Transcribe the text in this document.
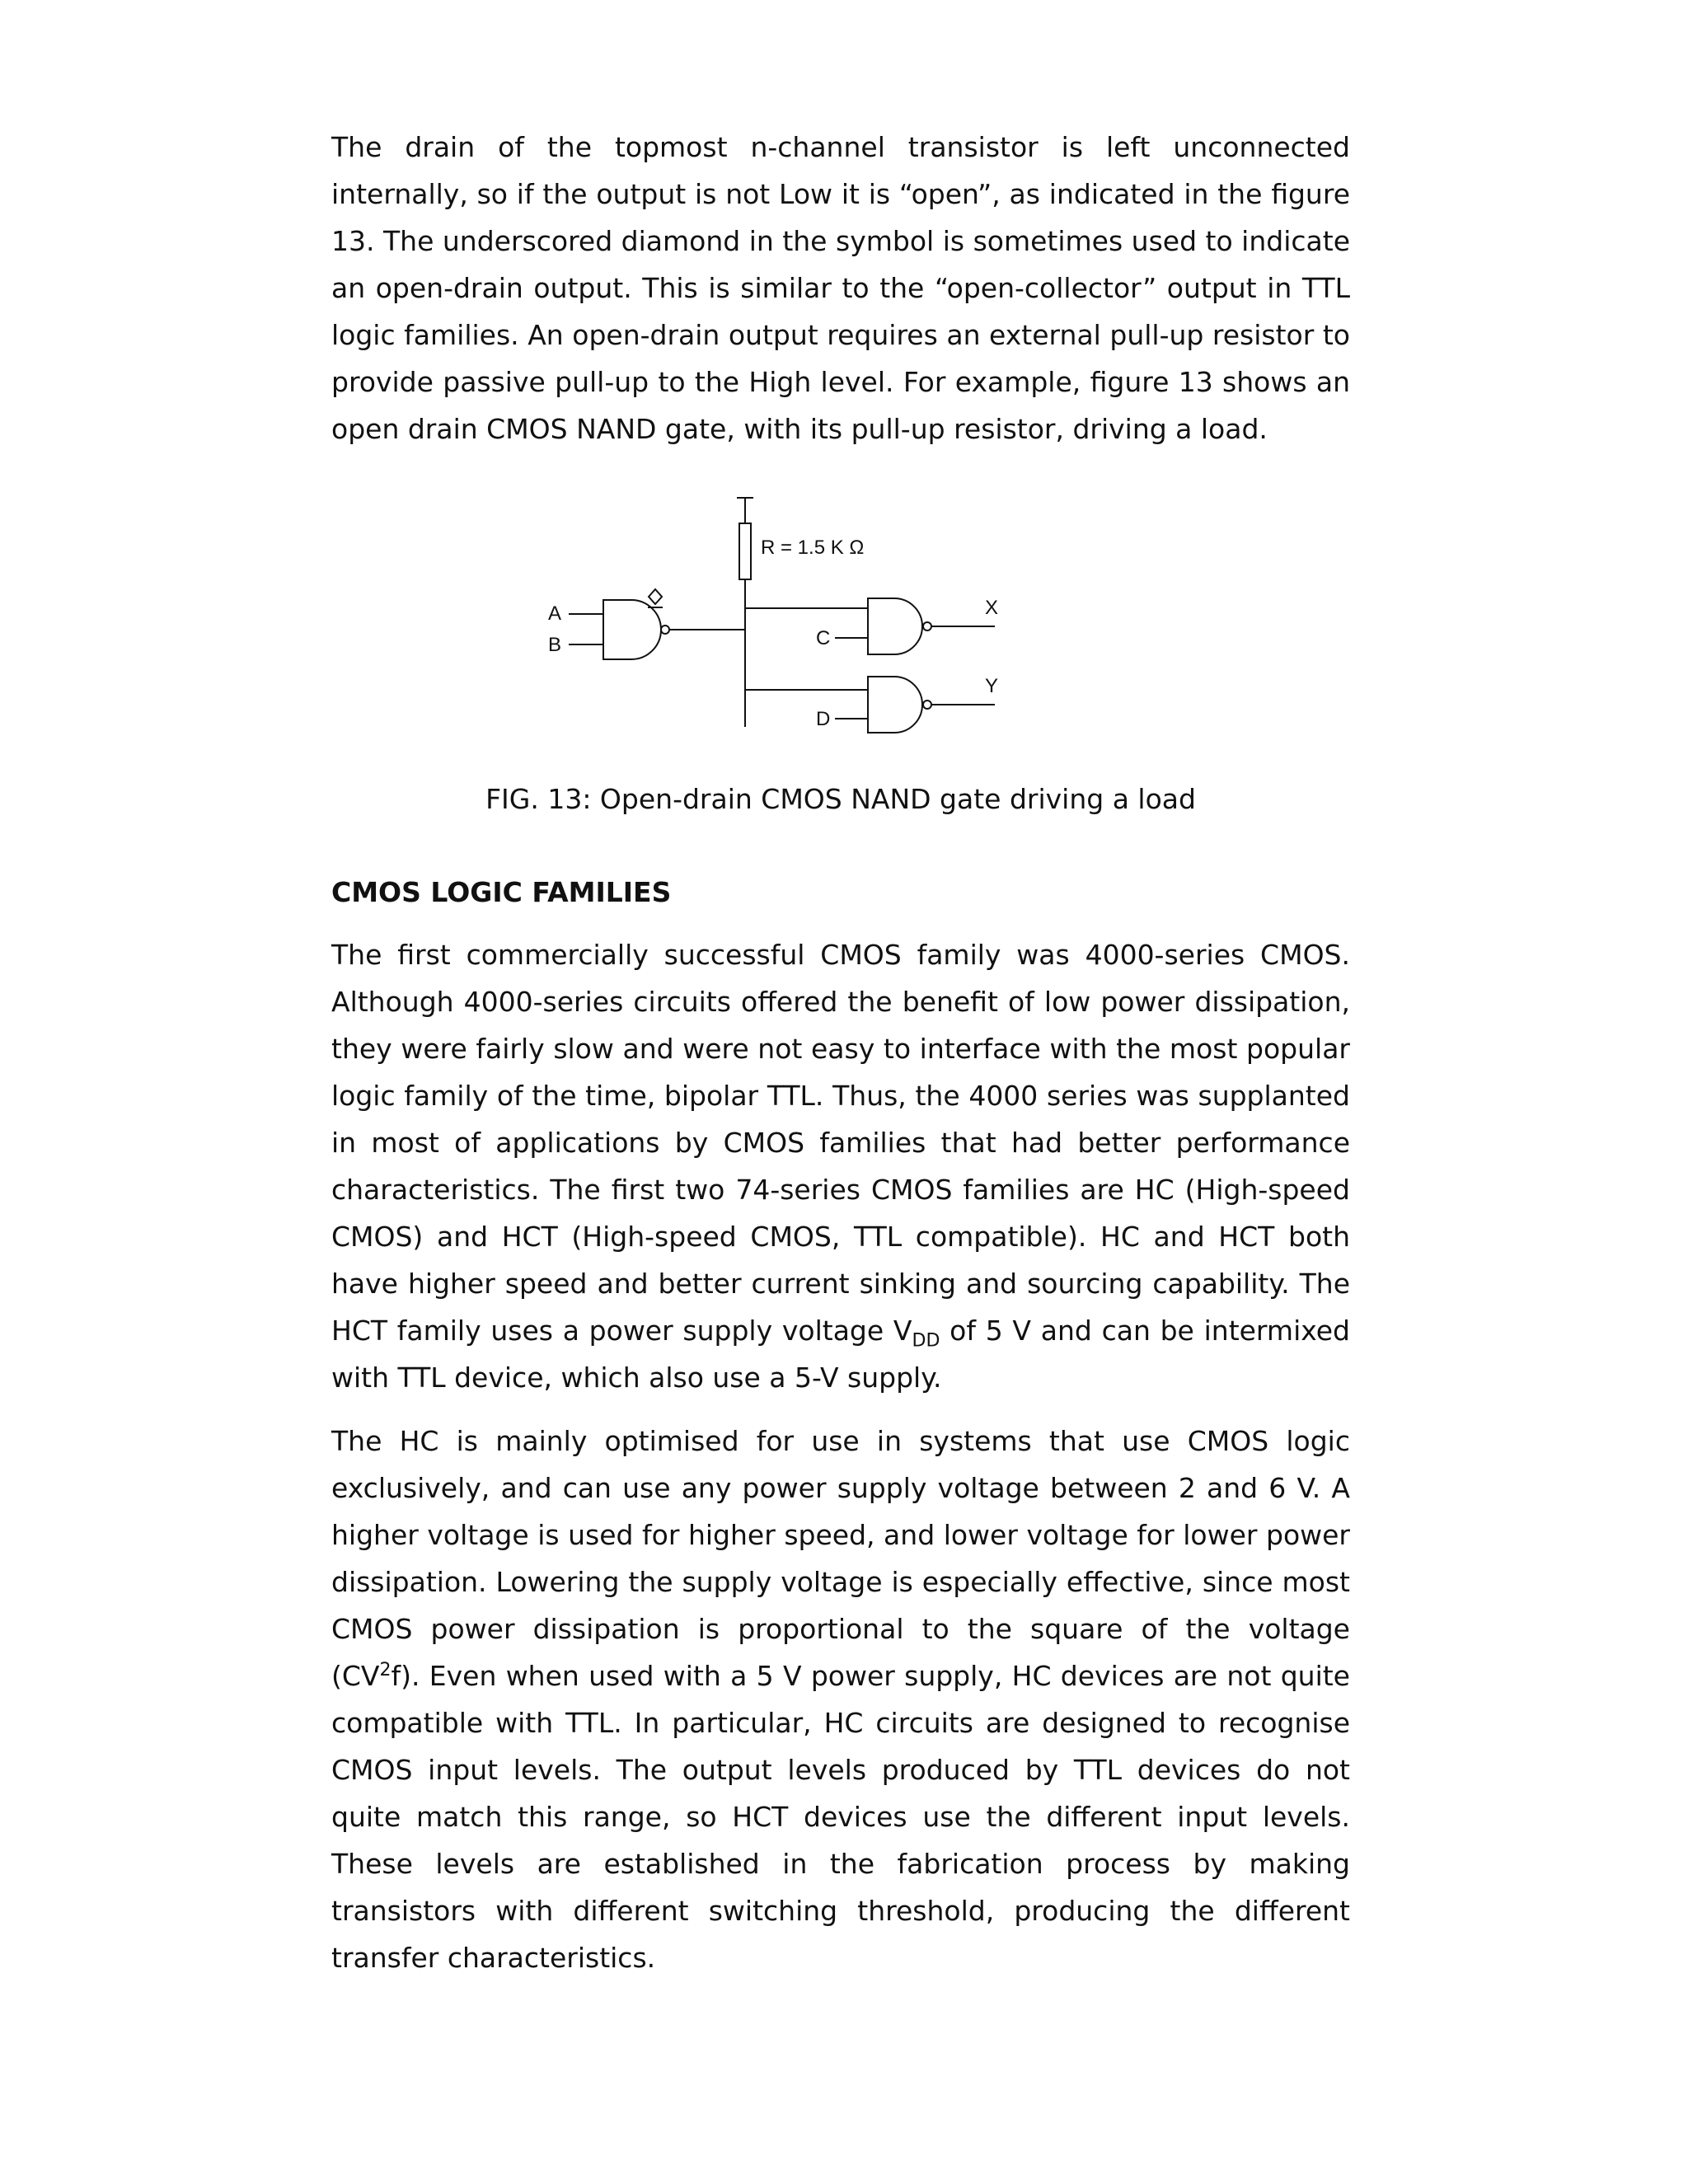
The drain of the topmost n-channel transistor is left unconnected internally, so if the output is not Low it is “open”, as indicated in the figure 13. The underscored diamond in the symbol is sometimes used to indicate an open-drain output. This is similar to the “open-collector” output in TTL logic families. An open-drain output requires an external pull-up resistor to provide passive pull-up to the High level. For example, figure 13 shows an open drain CMOS NAND gate, with its pull-up resistor, driving a load.

R = 1.5 K Ω
A
B	C
D
X
Y

FIG. 13: Open-drain CMOS NAND gate driving a load

CMOS LOGIC FAMILIES

The first commercially successful CMOS family was 4000-series CMOS. Although 4000-series circuits offered the benefit of low power dissipation, they were fairly slow and were not easy to interface with the most popular logic family of the time, bipolar TTL. Thus, the 4000 series was supplanted in most of applications by CMOS families that had better performance characteristics. The first two 74-series CMOS families are HC (High-speed CMOS) and HCT (High-speed CMOS, TTL compatible). HC and HCT both have higher speed and better current sinking and sourcing capability. The HCT family uses a power supply voltage $V_{DD}$ of 5 V and can be intermixed with TTL device, which also use a 5-V supply.

The HC is mainly optimised for use in systems that use CMOS logic exclusively, and can use any power supply voltage between 2 and 6 V. A higher voltage is used for higher speed, and lower voltage for lower power dissipation. Lowering the supply voltage is especially effective, since most CMOS power dissipation is proportional to the square of the voltage $(CV^2f)$. Even when used with a 5 V power supply, HC devices are not quite compatible with TTL. In particular, HC circuits are designed to recognise CMOS input levels. The output levels produced by TTL devices do not quite match this range, so HCT devices use the different input levels. These levels are established in the fabrication process by making transistors with different switching threshold, producing the different transfer characteristics.
